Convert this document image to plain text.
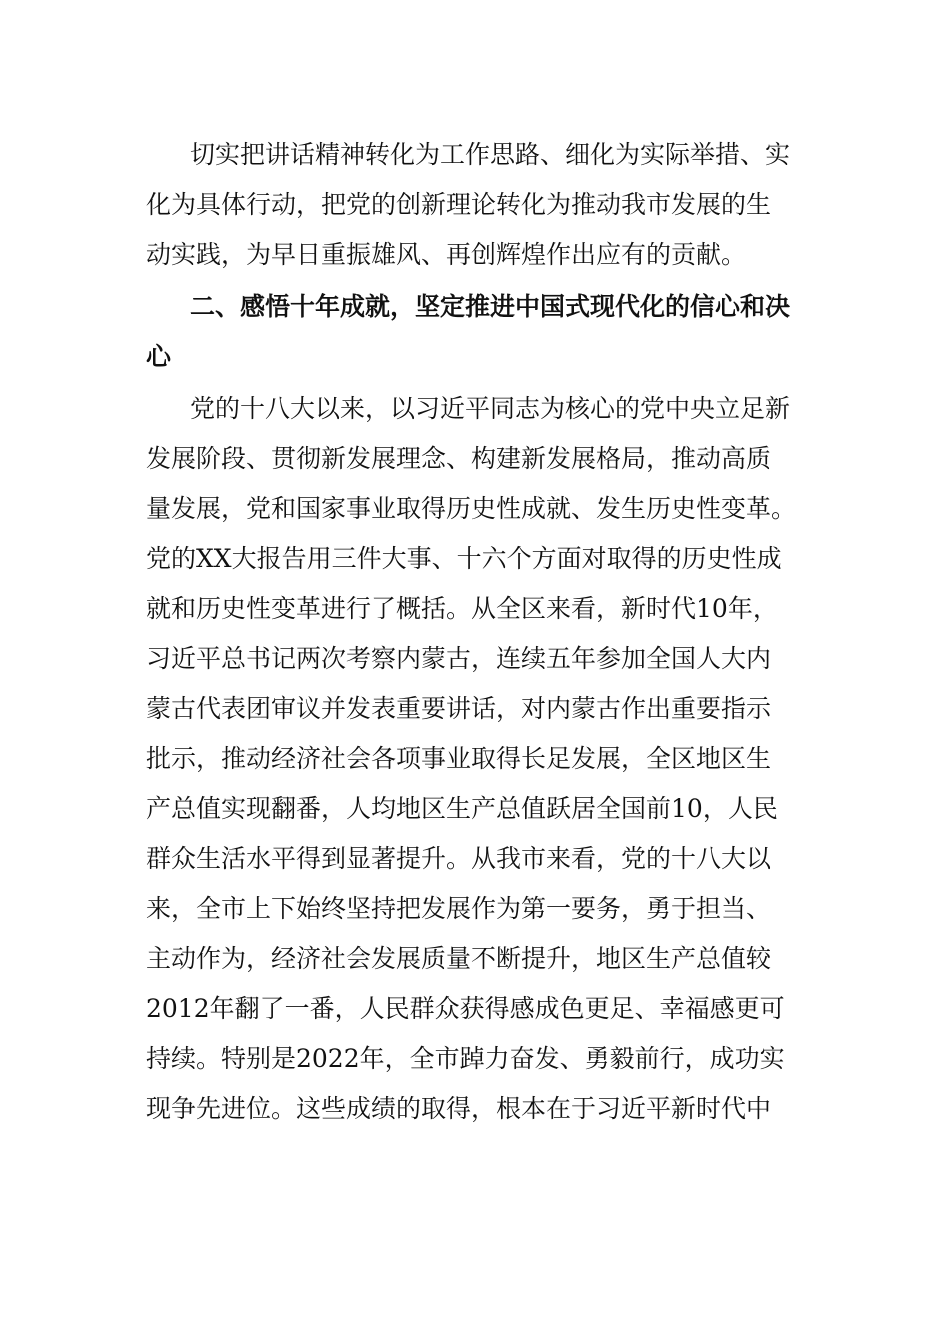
切实把讲话精神转化为工作思路、细化为实际举措、实
化为具体行动，把党的创新理论转化为推动我市发展的生
动实践，为早日重振雄风、再创辉煌作出应有的贡献。
二、感悟十年成就，坚定推进中国式现代化的信心和决
心
党的十八大以来，以习近平同志为核心的党中央立足新
发展阶段、贯彻新发展理念、构建新发展格局，推动高质
量发展，党和国家事业取得历史性成就、发生历史性变革。
党的XX大报告用三件大事、十六个方面对取得的历史性成
就和历史性变革进行了概括。从全区来看，新时代10年，
习近平总书记两次考察内蒙古，连续五年参加全国人大内
蒙古代表团审议并发表重要讲话，对内蒙古作出重要指示
批示，推动经济社会各项事业取得长足发展，全区地区生
产总值实现翻番，人均地区生产总值跃居全国前10，人民
群众生活水平得到显著提升。从我市来看，党的十八大以
来，全市上下始终坚持把发展作为第一要务，勇于担当、
主动作为，经济社会发展质量不断提升，地区生产总值较
2012年翻了一番，人民群众获得感成色更足、幸福感更可
持续。特别是2022年，全市踔力奋发、勇毅前行，成功实
现争先进位。这些成绩的取得，根本在于习近平新时代中
